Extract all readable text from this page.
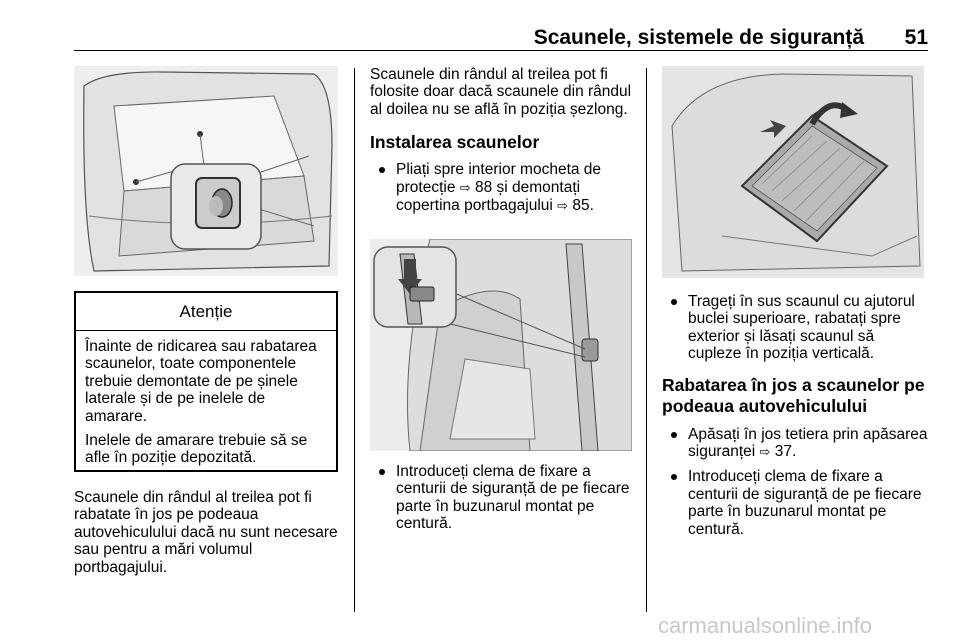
Scaunele, sistemele de siguranță 51
Atenție

Înainte de ridicarea sau rabatarea scaunelor, toate componentele trebuie demontate de pe șinele laterale și de pe inelele de amarare.

Inelele de amarare trebuie să se afle în poziție depozitată.

Scaunele din rândul al treilea pot fi rabatate în jos pe podeaua autovehiculului dacă nu sunt necesare sau pentru a mări volumul portbagajului.

Scaunele din rândul al treilea pot fi folosite doar dacă scaunele din rândul al doilea nu se află în poziția șezlong.

Instalarea scaunelor

Pliați spre interior mocheta de protecție ⇨ 88 și demontați copertina portbagajului ⇨ 85.
Introduceți clema de fixare a centurii de siguranță de pe fiecare parte în buzunarul montat pe centură.
Trageți în sus scaunul cu ajutorul buclei superioare, rabatați spre exterior și lăsați scaunul să cupleze în poziția verticală.

Rabatarea în jos a scaunelor pe podeaua autovehiculului

Apăsați în jos tetiera prin apăsarea siguranței ⇨ 37.
Introduceți clema de fixare a centurii de siguranță de pe fiecare parte în buzunarul montat pe centură.
carmanualsonline.info
